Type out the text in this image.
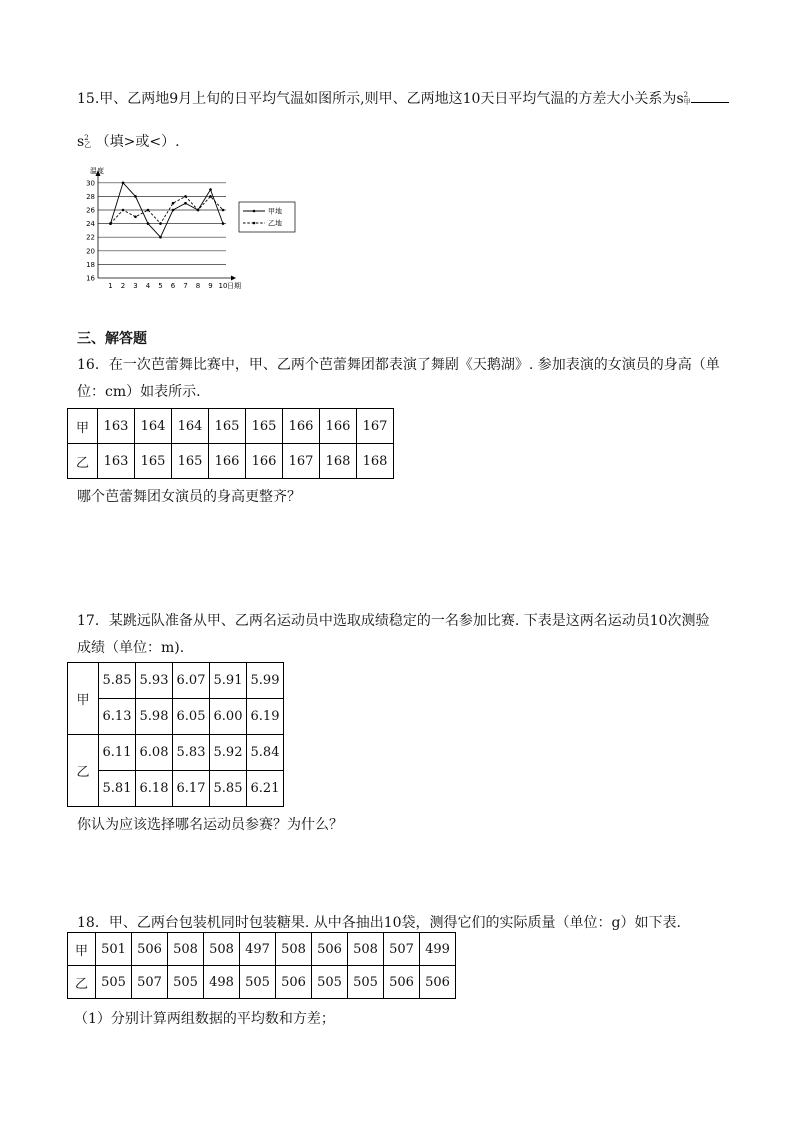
15.甲、乙两地9月上旬的日平均气温如图所示,则甲、乙两地这10天日平均气温的方差大小关系为s 2
甲
s 2
乙 （填>或<）.
16
18
20
22
24
26
28
30
温度
1 2 3 4 5 6 7 8 9 10 日期
甲地
乙地
三、解答题
16．在一次芭蕾舞比赛中，甲、乙两个芭蕾舞团都表演了舞剧《天鹅湖》. 参加表演的女演员的身高（单
位：cm）如表所示.
甲	163	164	164	165	165	166	166	167
乙	163	165	165	166	166	167	168	168
哪个芭蕾舞团女演员的身高更整齐？
17．某跳远队准备从甲、乙两名运动员中选取成绩稳定的一名参加比赛. 下表是这两名运动员10次测验
成绩（单位：m).
甲	5.85	5.93	6.07	5.91	5.99
	6.13	5.98	6.05	6.00	6.19
乙	6.11	6.08	5.83	5.92	5.84
	5.81	6.18	6.17	5.85	6.21
你认为应该选择哪名运动员参赛？为什么？
18．甲、乙两台包装机同时包装糖果. 从中各抽出10袋，测得它们的实际质量（单位：g）如下表.
甲	501	506	508	508	497	508	506	508	507	499
乙	505	507	505	498	505	506	505	505	506	506
（1）分别计算两组数据的平均数和方差；
